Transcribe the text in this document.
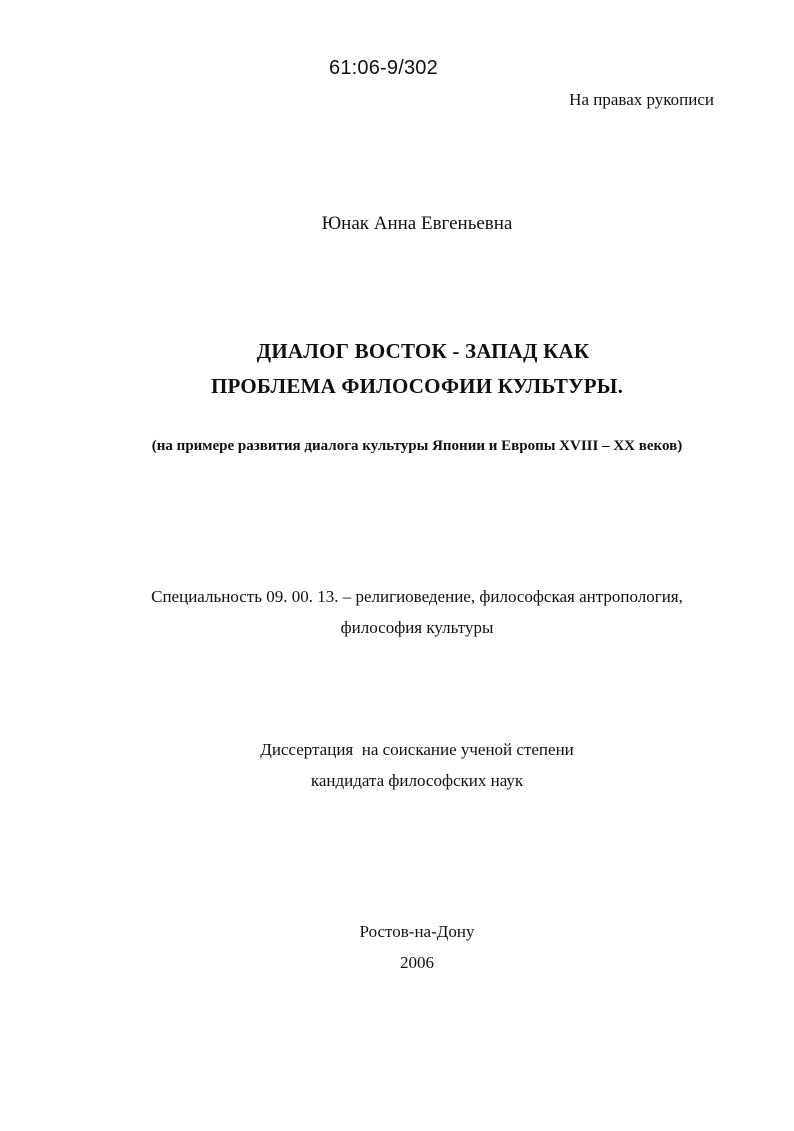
61:06-9/302
На правах рукописи
Юнак Анна Евгеньевна
ДИАЛОГ ВОСТОК - ЗАПАД КАК
ПРОБЛЕМА ФИЛОСОФИИ КУЛЬТУРЫ.
(на примере развития диалога культуры Японии и Европы XVIII – XX веков)
Специальность 09. 00. 13. – религиоведение, философская антропология,
философия культуры
Диссертация  на соискание ученой степени
кандидата философских наук
Ростов-на-Дону
2006
